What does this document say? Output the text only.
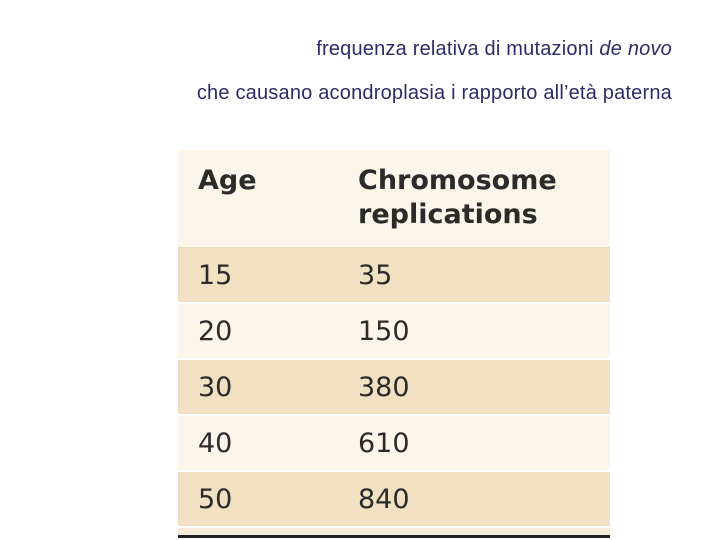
frequenza relativa di mutazioni de novo
che causano acondroplasia i rapporto all’età paterna
Age	Chromosome
replications
15	35
20	150
30	380
40	610
50	840
